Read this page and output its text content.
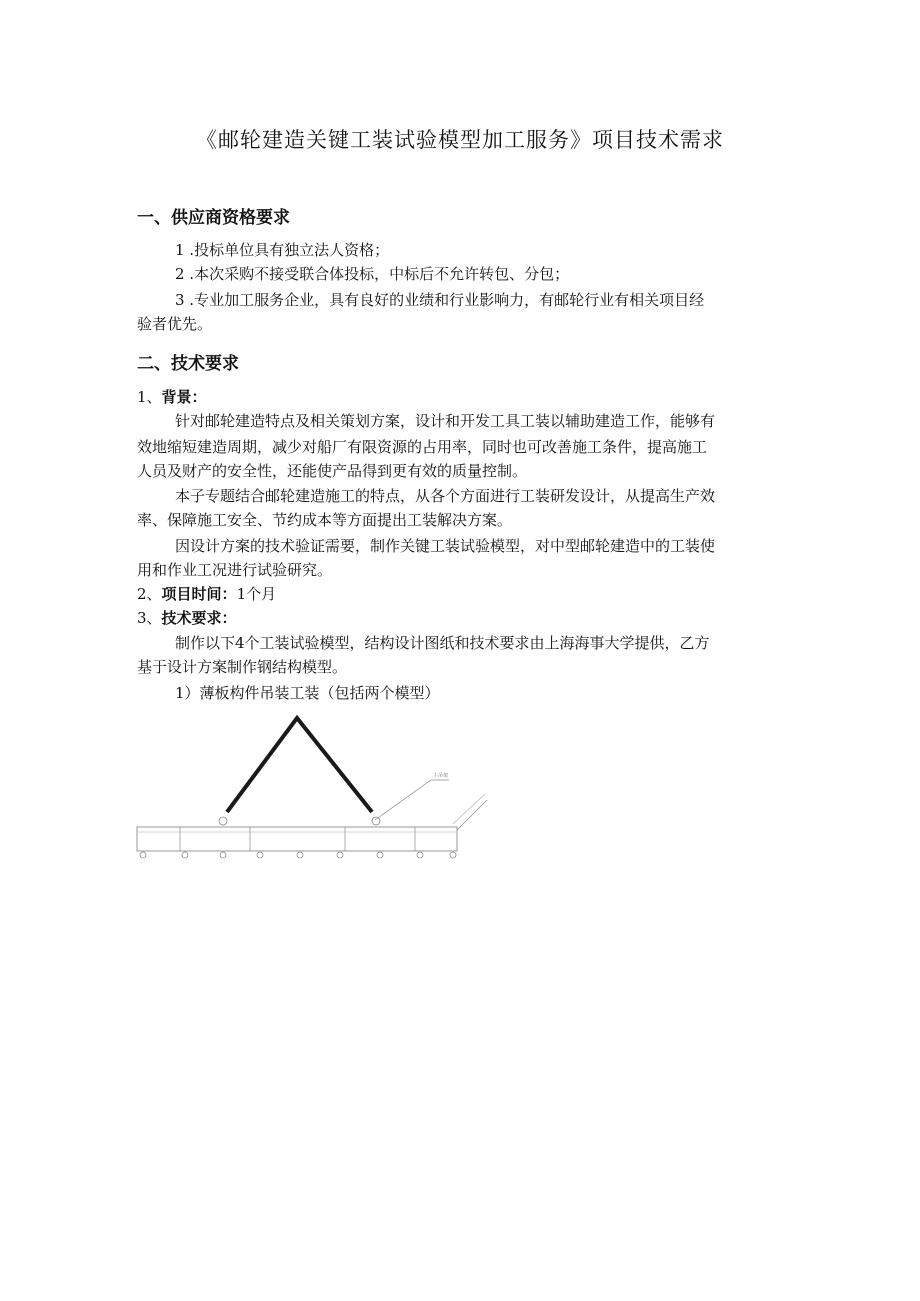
《邮轮建造关键工装试验模型加工服务》项目技术需求
一、供应商资格要求
1 .投标单位具有独立法人资格；
2 .本次采购不接受联合体投标，中标后不允许转包、分包；
3 .专业加工服务企业，具有良好的业绩和行业影响力，有邮轮行业有相关项目经
验者优先。
二、技术要求
1、背景：
针对邮轮建造特点及相关策划方案，设计和开发工具工装以辅助建造工作，能够有
效地缩短建造周期，减少对船厂有限资源的占用率，同时也可改善施工条件，提高施工
人员及财产的安全性，还能使产品得到更有效的质量控制。
本子专题结合邮轮建造施工的特点，从各个方面进行工装研发设计，从提高生产效
率、保障施工安全、节约成本等方面提出工装解决方案。
因设计方案的技术验证需要，制作关键工装试验模型，对中型邮轮建造中的工装使
用和作业工况进行试验研究。
2、项目时间：1个月
3、技术要求：
制作以下4个工装试验模型，结构设计图纸和技术要求由上海海事大学提供，乙方
基于设计方案制作钢结构模型。
1）薄板构件吊装工装（包括两个模型）
主吊架
